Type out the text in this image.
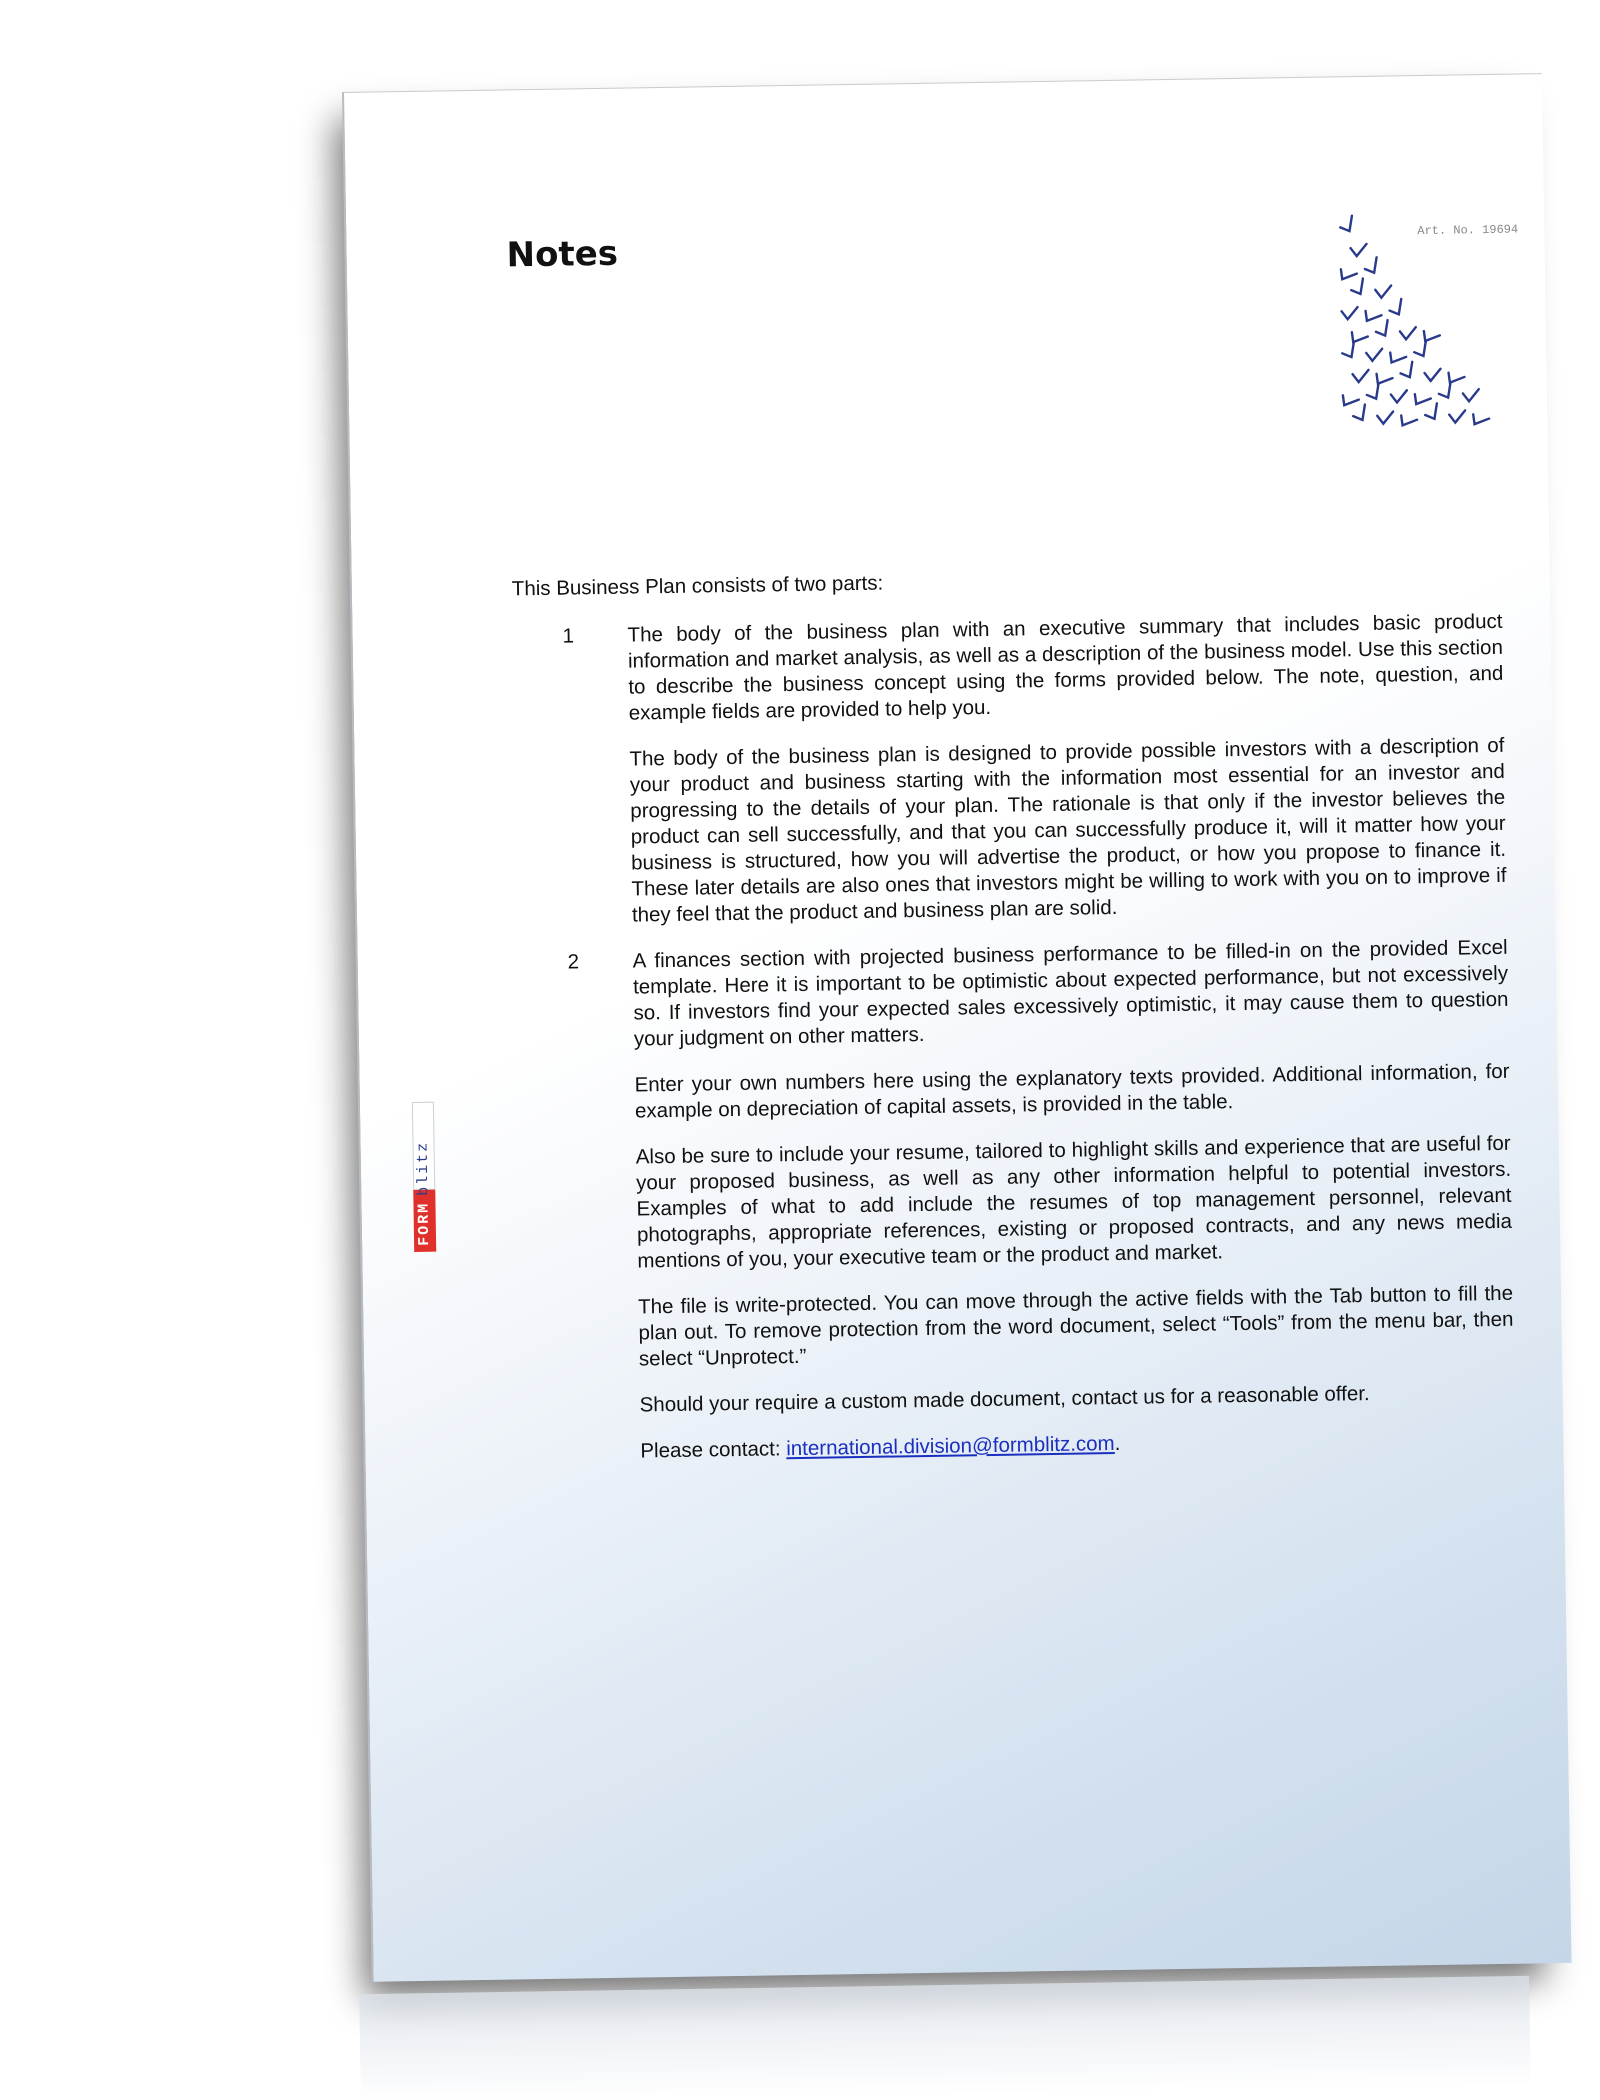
Notes
Art. No. 19694
FORMblitz

This Business Plan consists of two parts:

1	The body of the business plan with an executive summary that includes basic product information and market analysis, as well as a description of the business model. Use this section to describe the business concept using the forms provided below. The note, question, and example fields are provided to help you.

The body of the business plan is designed to provide possible investors with a description of your product and business starting with the information most essential for an investor and progressing to the details of your plan. The rationale is that only if the investor believes the product can sell successfully, and that you can successfully produce it, will it matter how your business is structured, how you will advertise the product, or how you propose to finance it. These later details are also ones that investors might be willing to work with you on to improve if they feel that the product and business plan are solid.

2	A finances section with projected business performance to be filled-in on the provided Excel template. Here it is important to be optimistic about expected performance, but not excessively so. If investors find your expected sales excessively optimistic, it may cause them to question your judgment on other matters.

Enter your own numbers here using the explanatory texts provided. Additional information, for example on depreciation of capital assets, is provided in the table.

Also be sure to include your resume, tailored to highlight skills and experience that are useful for your proposed business, as well as any other information helpful to potential investors. Examples of what to add include the resumes of top management personnel, relevant photographs, appropriate references, existing or proposed contracts, and any news media mentions of you, your executive team or the product and market.

The file is write-protected. You can move through the active fields with the Tab button to fill the plan out. To remove protection from the word document, select “Tools” from the menu bar, then select “Unprotect.”

Should your require a custom made document, contact us for a reasonable offer.

Please contact: international.division@formblitz.com.
